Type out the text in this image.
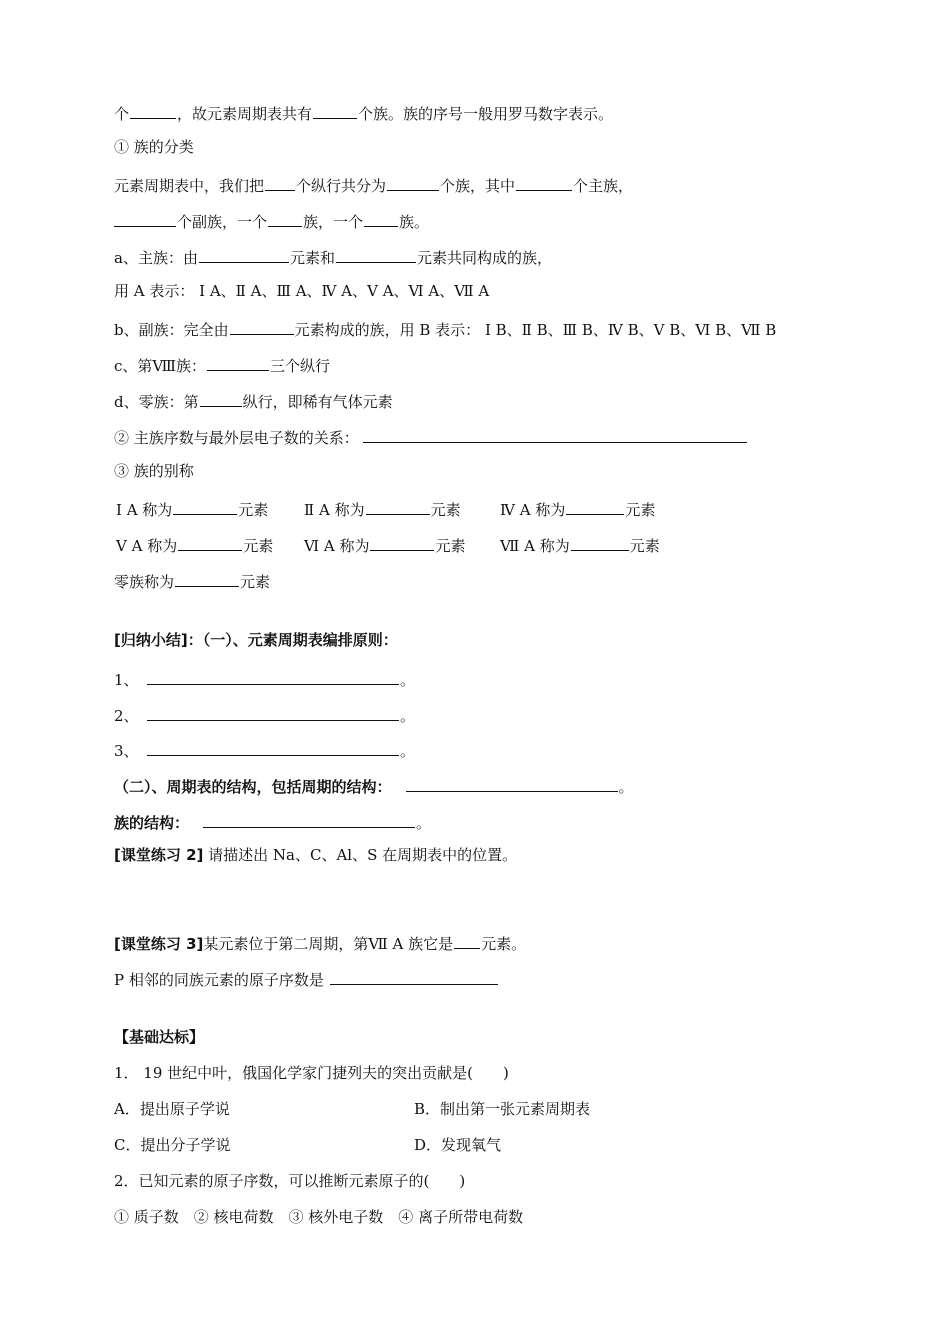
个	，故元素周期表共有	个族。族的序号一般用罗马数字表示。
① 族的分类
元素周期表中，我们把 个纵行共分为	个族，其中	个主族，
个副族，一个 族，一个 族。
a、主族：由	元素和	元素共同构成的族，
用 A 表示： Ⅰ A、Ⅱ A、Ⅲ A、Ⅳ A、Ⅴ A、Ⅵ A、Ⅶ A
b、副族：完全由	元素构成的族，用 B 表示： Ⅰ B、Ⅱ B、Ⅲ B、Ⅳ B、Ⅴ B、Ⅵ B、Ⅶ B
c、第Ⅷ族：	三个纵行
d、零族：第	纵行，即稀有气体元素
② 主族序数与最外层电子数的关系：
③ 族的别称
Ⅰ A 称为	元素 Ⅱ A 称为	元素	Ⅳ A 称为	元素
Ⅴ A 称为	元素 Ⅵ A 称为	元素 Ⅶ A 称为	元素
零族称为	元素
[归纳小结]：（一）、元素周期表编排原则：
1、	。
2、	。
3、	。
（二）、周期表的结构，包括周期的结构：	。
族的结构：	。
[课堂练习 2] 请描述出 Na、C、Al、S 在周期表中的位置。
[课堂练习 3]某元素位于第二周期，第Ⅶ A 族它是 元素。
P 相邻的同族元素的原子序数是
【基础达标】
1． 19 世纪中叶，俄国化学家门捷列夫的突出贡献是(　　)
A．提出原子学说	B．制出第一张元素周期表
C．提出分子学说	D．发现氧气
2．已知元素的原子序数，可以推断元素原子的(　　)
① 质子数　② 核电荷数　③ 核外电子数　④ 离子所带电荷数
